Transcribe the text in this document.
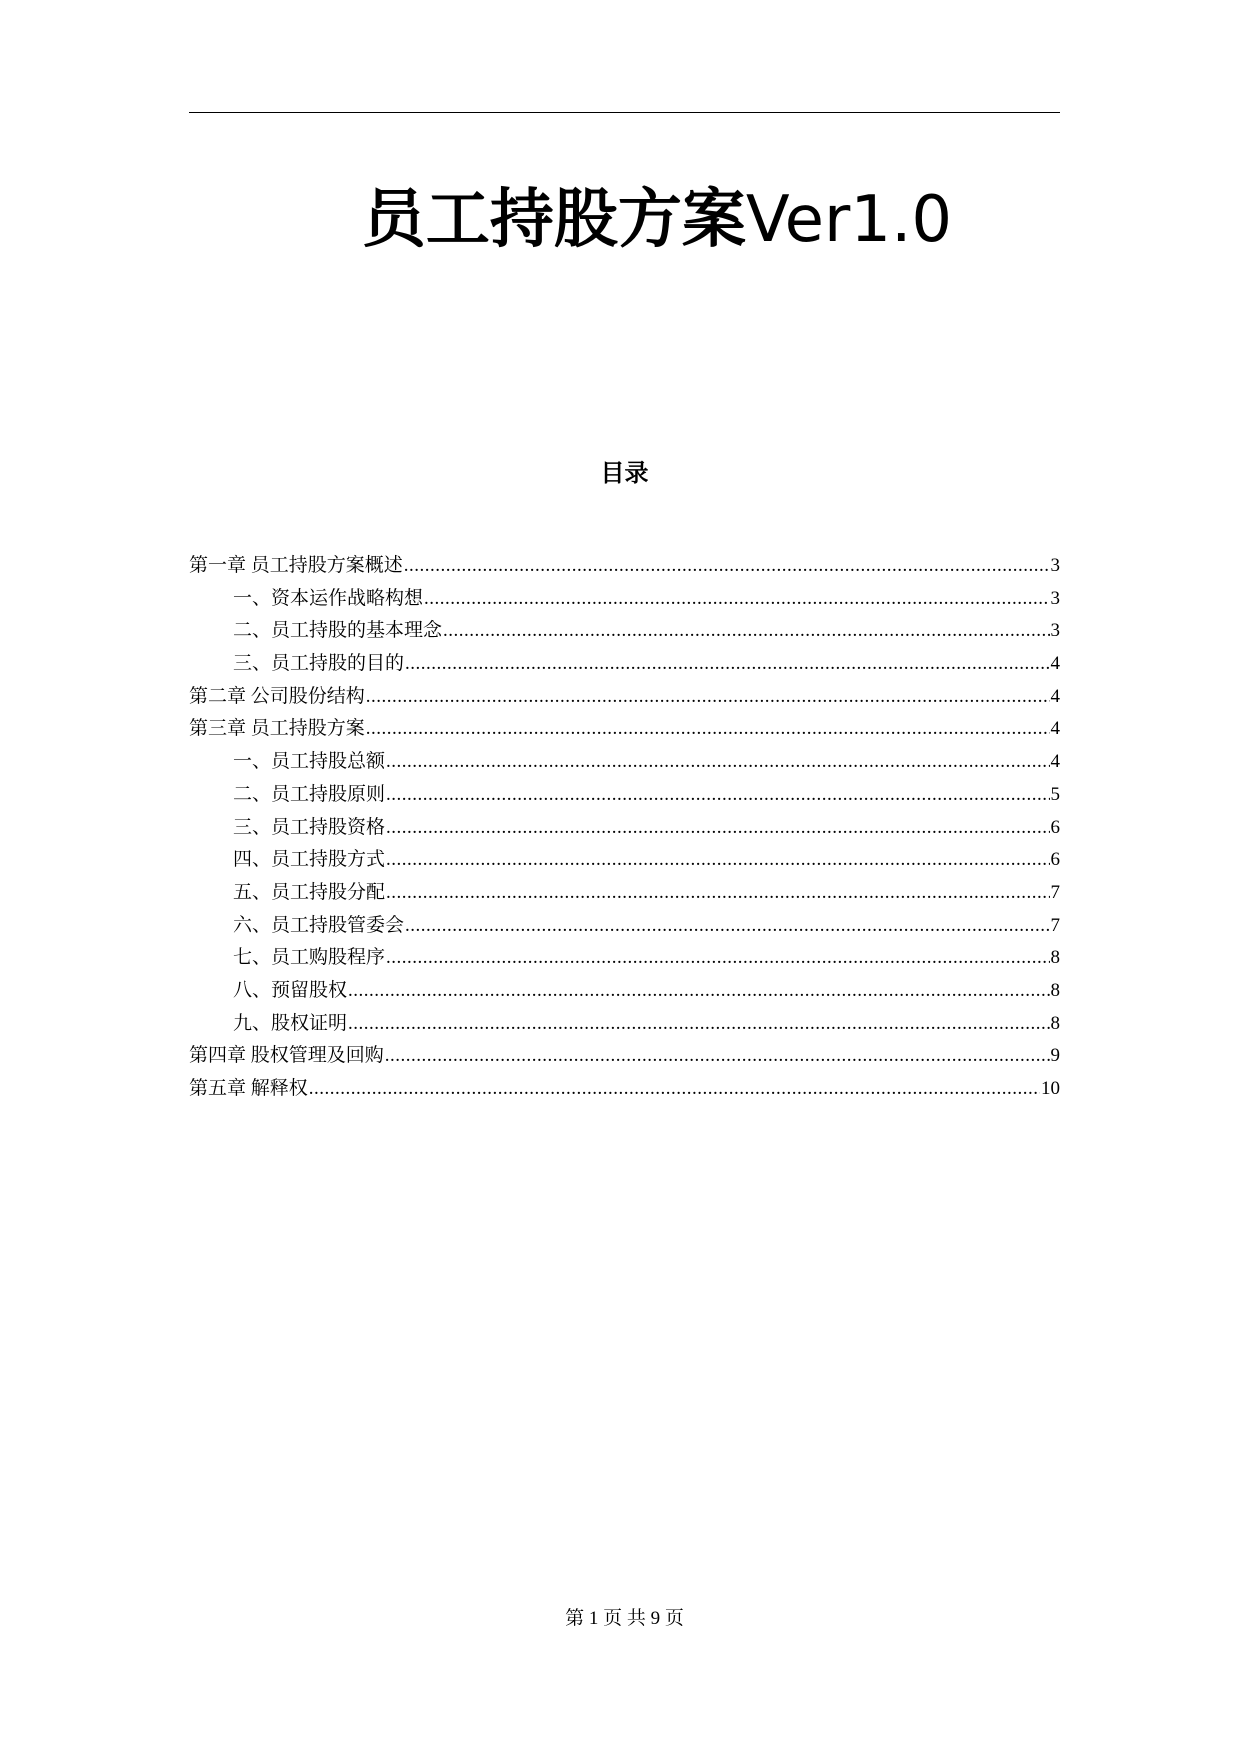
员工持股方案Ver1.0
目录
第一章 员工持股方案概述 .....	3
一、资本运作战略构想 .....	3
二、员工持股的基本理念 .....	3
三、员工持股的目的 .....	4
第二章 公司股份结构 .....	4
第三章 员工持股方案 .....	4
一、员工持股总额 .....	4
二、员工持股原则 .....	5
三、员工持股资格 .....	6
四、员工持股方式 .....	6
五、员工持股分配 .....	7
六、员工持股管委会 .....	7
七、员工购股程序 .....	8
八、预留股权 .....	8
九、股权证明 .....	8
第四章 股权管理及回购 .....	9
第五章 解释权 .....	10
第 1 页 共 9 页
